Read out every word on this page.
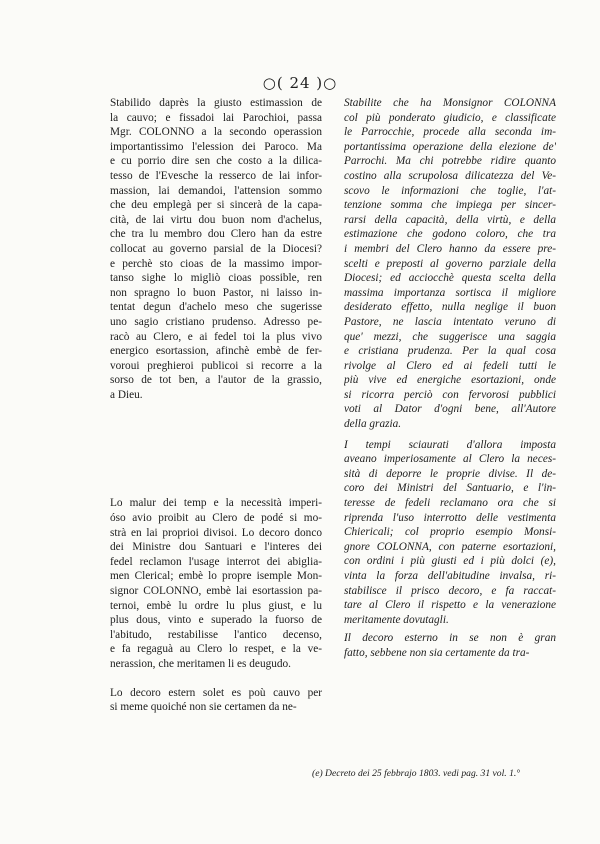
○( 24 )○
Stabilido daprès la giusto estimassion de
la cauvo; e fissadoi lai Parochioi, passa
Mgr. COLONNO a la secondo operassion
importantissimo l'elession dei Paroco. Ma
e cu porrio dire sen che costo a la dilica-
tesso de l'Evesche la resserco de lai infor-
massion, lai demandoi, l'attension sommo
che deu emplegà per si sincerà de la capa-
cità, de lai virtu dou buon nom d'achelus,
che tra lu membro dou Clero han da estre
collocat au governo parsial de la Diocesi?
e perchè sto cioas de la massimo impor-
tanso sighe lo migliò cioas possible, ren
non spragno lo buon Pastor, ni laisso in-
tentat degun d'achelo meso che sugerisse
uno sagio cristiano prudenso. Adresso pe-
racò au Clero, e ai fedel toi la plus vivo
energico esortassion, afinchè embè de fer-
voroui preghieroi publicoi si recorre a la
sorso de tot ben, a l'autor de la grassio,
a Dieu.
Lo malur dei temp e la necessità imperi-
óso avio proibit au Clero de podé si mo-
strà en lai proprioi divisoi. Lo decoro donco
dei Ministre dou Santuari e l'interes dei
fedel reclamon l'usage interrot dei abiglia-
men Clerical; embè lo propre isemple Mon-
signor COLONNO, embè lai esortassion pa-
ternoi, embè lu ordre lu plus giust, e lu
plus dous, vinto e superado la fuorso de
l'abitudo, restabilisse l'antico decenso,
e fa regaguà au Clero lo respet, e la ve-
nerassion, che meritamen li es deugudo.
Lo decoro estern solet es poù cauvo per
si meme quoiché non sie certamen da ne-
Stabilite che ha Monsignor COLONNA
col più ponderato giudicio, e classificate
le Parrocchie, procede alla seconda im-
portantissima operazione della elezione de'
Parrochi. Ma chi potrebbe ridire quanto
costino alla scrupolosa dilicatezza del Ve-
scovo le informazioni che toglie, l'at-
tenzione somma che impiega per sincer-
rarsi della capacità, della virtù, e della
estimazione che godono coloro, che tra
i membri del Clero hanno da essere pre-
scelti e preposti al governo parziale della
Diocesi; ed acciocchè questa scelta della
massima importanza sortisca il migliore
desiderato effetto, nulla neglige il buon
Pastore, ne lascia intentato veruno di
que' mezzi, che suggerisce una saggia
e cristiana prudenza. Per la qual cosa
rivolge al Clero ed ai fedeli tutti le
più vive ed energiche esortazioni, onde
si ricorra perciò con fervorosi pubblici
voti al Dator d'ogni bene, all'Autore
della grazia.
I tempi sciaurati d'allora imposta
aveano imperiosamente al Clero la neces-
sità di deporre le proprie divise. Il de-
coro dei Ministri del Santuario, e l'in-
teresse de fedeli reclamano ora che si
riprenda l'uso interrotto delle vestimenta
Chiericali; col proprio esempio Monsi-
gnore COLONNA, con paterne esortazioni,
con ordini i più giusti ed i più dolci (e),
vinta la forza dell'abitudine invalsa, ri-
stabilisce il prisco decoro, e fa raccat-
tare al Clero il rispetto e la venerazione
meritamente dovutagli.
Il decoro esterno in se non è gran
fatto, sebbene non sia certamente da tra-
(e) Decreto dei 25 febbrajo 1803. vedi pag. 31 vol. 1.°
